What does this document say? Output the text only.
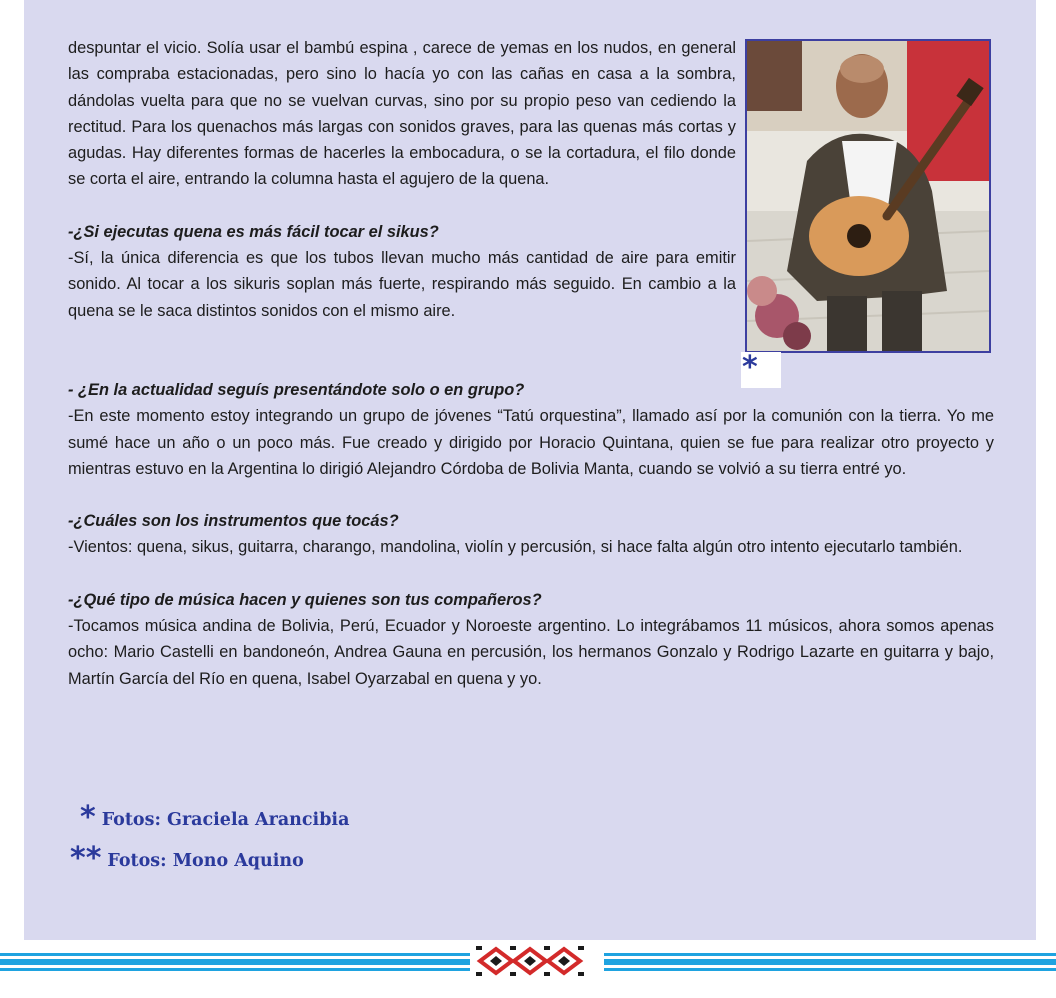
despuntar el vicio. Solía usar el bambú espina , carece de yemas en los nudos, en general las compraba estacionadas, pero sino lo hacía yo con las cañas en casa a la sombra, dándolas vuelta para que no se vuelvan curvas, sino por su propio peso van cediendo la rectitud. Para los quenachos más largas con sonidos graves, para las quenas más cortas y agudas. Hay diferentes formas de hacerles la embocadura, o se la cortadura, el filo donde se corta el aire, entrando la columna hasta el agujero de la quena.

-¿Si ejecutas quena es más fácil tocar el sikus?

-Sí, la única diferencia es que los tubos llevan mucho más cantidad de aire para emitir sonido. Al tocar a los sikuris soplan más fuerte, respirando más seguido. En cambio a la quena se le saca distintos sonidos con el mismo aire.

*

- ¿En la actualidad seguís presentándote solo o en grupo?

-En este momento estoy integrando un grupo de jóvenes “Tatú orquestina”, llamado así por la comunión con la tierra. Yo me sumé hace un año o un poco más. Fue creado y dirigido por Horacio Quintana, quien se fue para realizar otro proyecto y mientras estuvo en la Argentina lo dirigió Alejandro Córdoba de Bolivia Manta, cuando se volvió a su tierra entré yo.

-¿Cuáles son los instrumentos que tocás?

-Vientos: quena, sikus, guitarra, charango, mandolina, violín y percusión, si hace falta algún otro intento ejecutarlo también.

-¿Qué tipo de música hacen y quienes son tus compañeros?

-Tocamos música andina de Bolivia, Perú, Ecuador y Noroeste argentino. Lo integrábamos 11 músicos, ahora somos apenas ocho: Mario Castelli en bandoneón, Andrea Gauna en percusión, los hermanos Gonzalo y Rodrigo Lazarte en guitarra y bajo, Martín García del Río en quena, Isabel Oyarzabal en quena y yo.

* Fotos: Graciela Arancibia
** Fotos: Mono Aquino
